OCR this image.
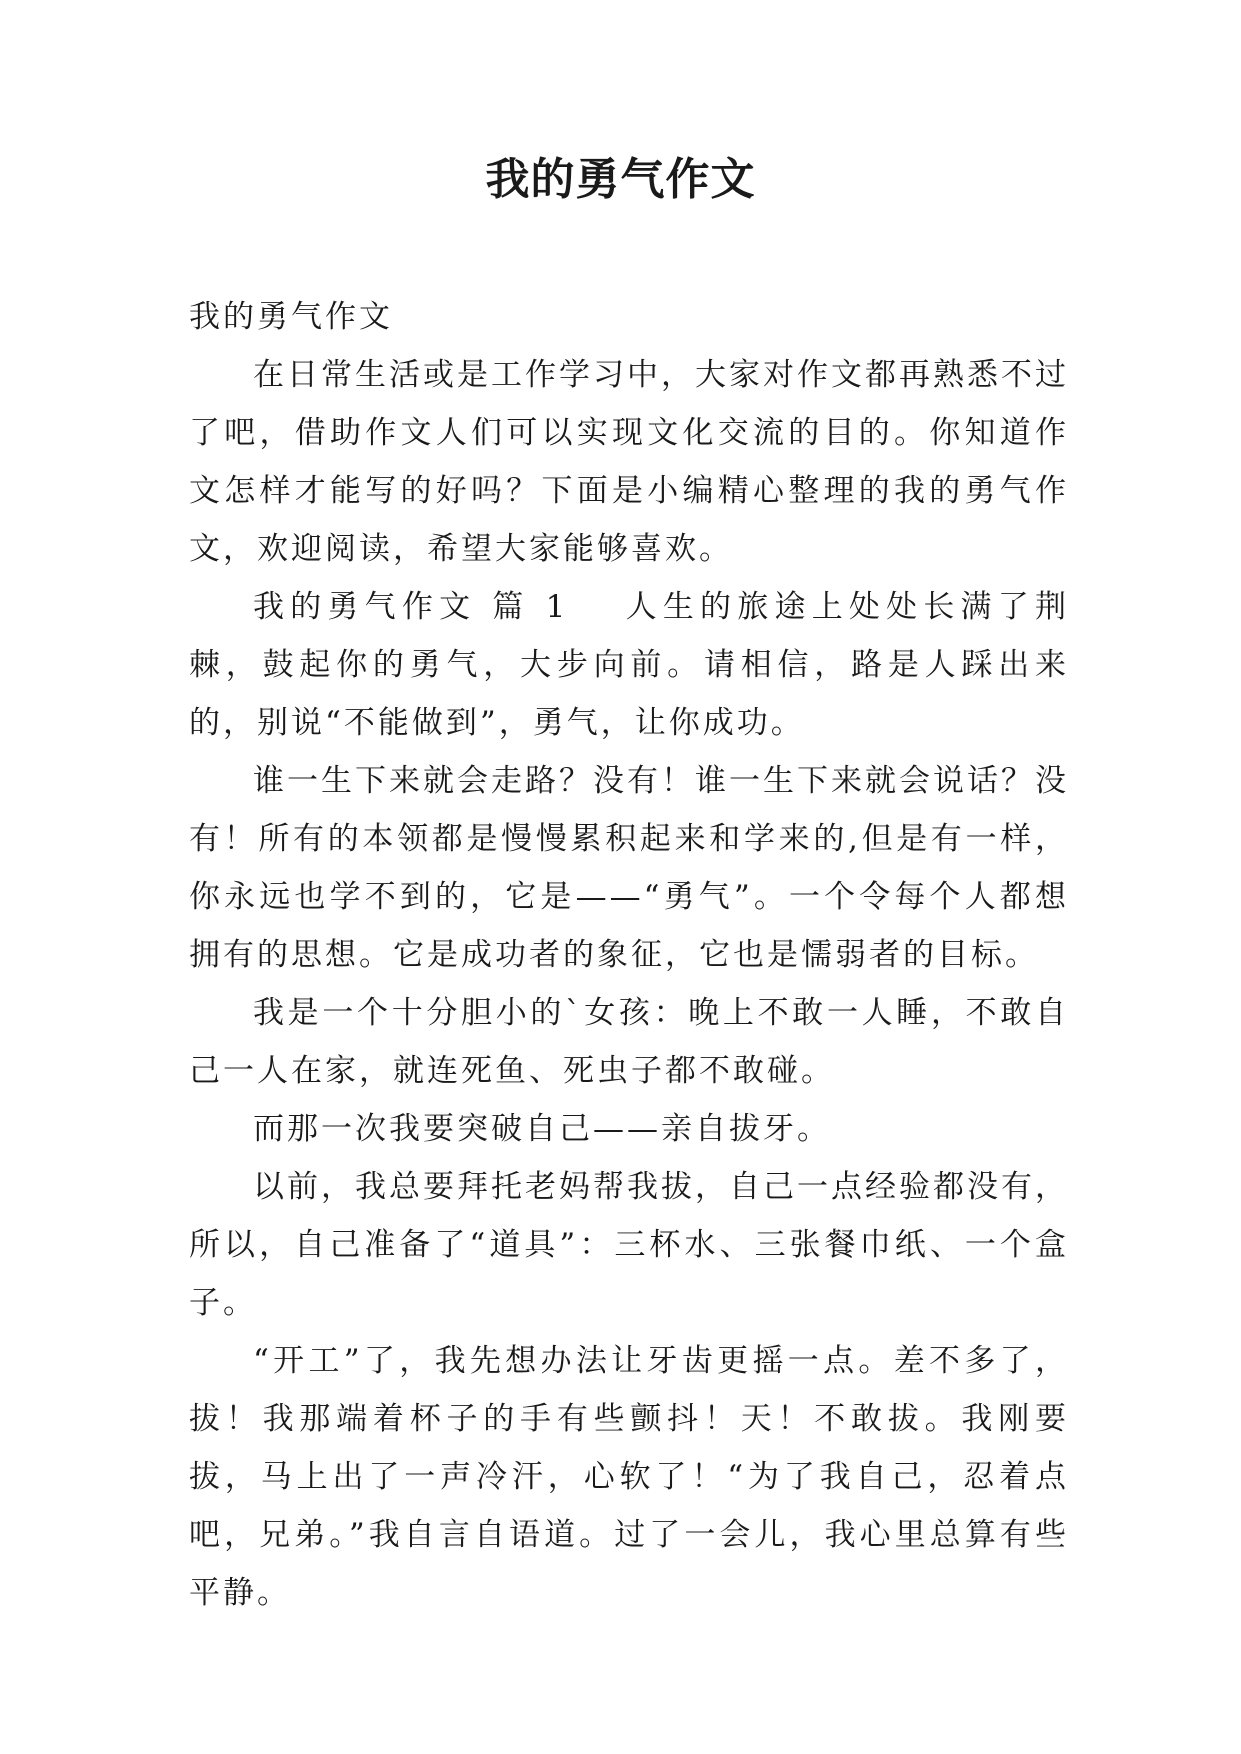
我的勇气作文

我的勇气作文

在日常生活或是工作学习中，大家对作文都再熟悉不过了吧，借助作文人们可以实现文化交流的目的。你知道作文怎样才能写的好吗？下面是小编精心整理的我的勇气作文，欢迎阅读，希望大家能够喜欢。

我的勇气作文 篇 1 人生的旅途上处处长满了荆棘，鼓起你的勇气，大步向前。请相信，路是人踩出来的，别说“不能做到”，勇气，让你成功。

谁一生下来就会走路？没有！谁一生下来就会说话？没有！所有的本领都是慢慢累积起来和学来的,但是有一样，你永远也学不到的，它是——“勇气”。一个令每个人都想拥有的思想。它是成功者的象征，它也是懦弱者的目标。

我是一个十分胆小的`女孩：晚上不敢一人睡，不敢自己一人在家，就连死鱼、死虫子都不敢碰。

而那一次我要突破自己——亲自拔牙。

以前，我总要拜托老妈帮我拔，自己一点经验都没有，所以，自己准备了“道具”：三杯水、三张餐巾纸、一个盒子。

“开工”了，我先想办法让牙齿更摇一点。差不多了，拔！我那端着杯子的手有些颤抖！天！不敢拔。我刚要拔，马上出了一声冷汗，心软了！“为了我自己，忍着点吧，兄弟。”我自言自语道。过了一会儿，我心里总算有些平静。
